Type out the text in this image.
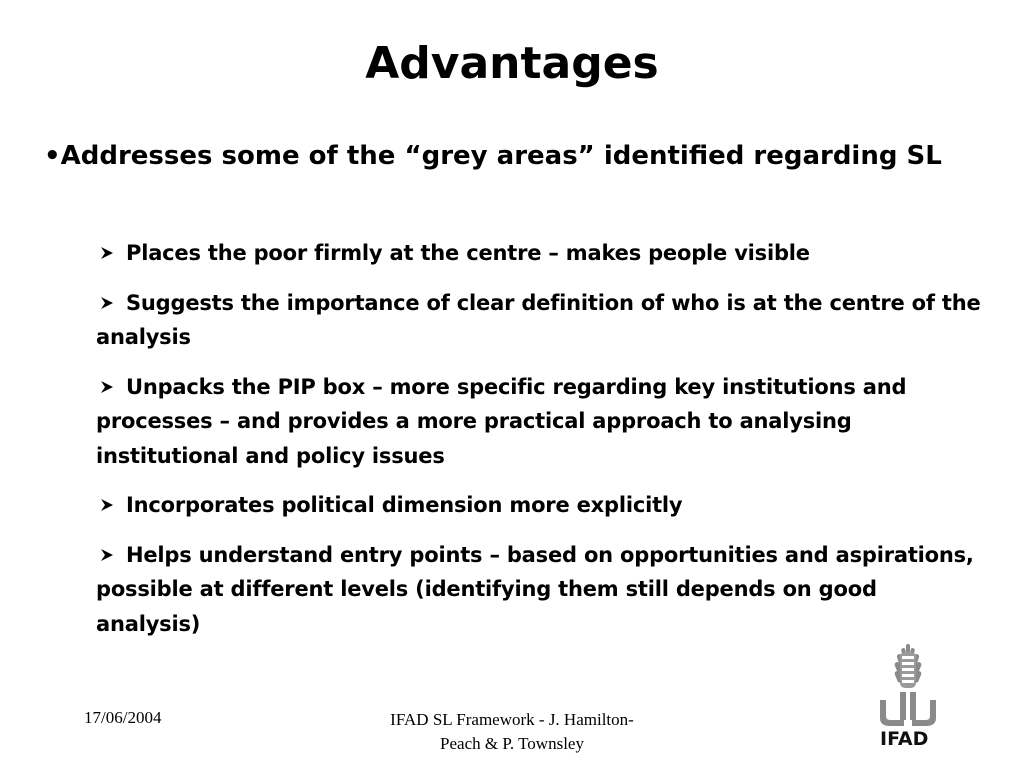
Advantages
•Addresses some of the “grey areas” identified regarding SL
Places the poor firmly at the centre – makes people visible
Suggests the importance of clear definition of who is at the centre of the analysis
Unpacks the PIP box – more specific regarding key institutions and processes – and provides a more practical approach to analysing institutional and policy issues
Incorporates political dimension more explicitly
Helps understand entry points – based on opportunities and aspirations, possible at different levels (identifying them still depends on good analysis)
17/06/2004	IFAD SL Framework - J. Hamilton-
Peach & P. Townsley	IFAD
